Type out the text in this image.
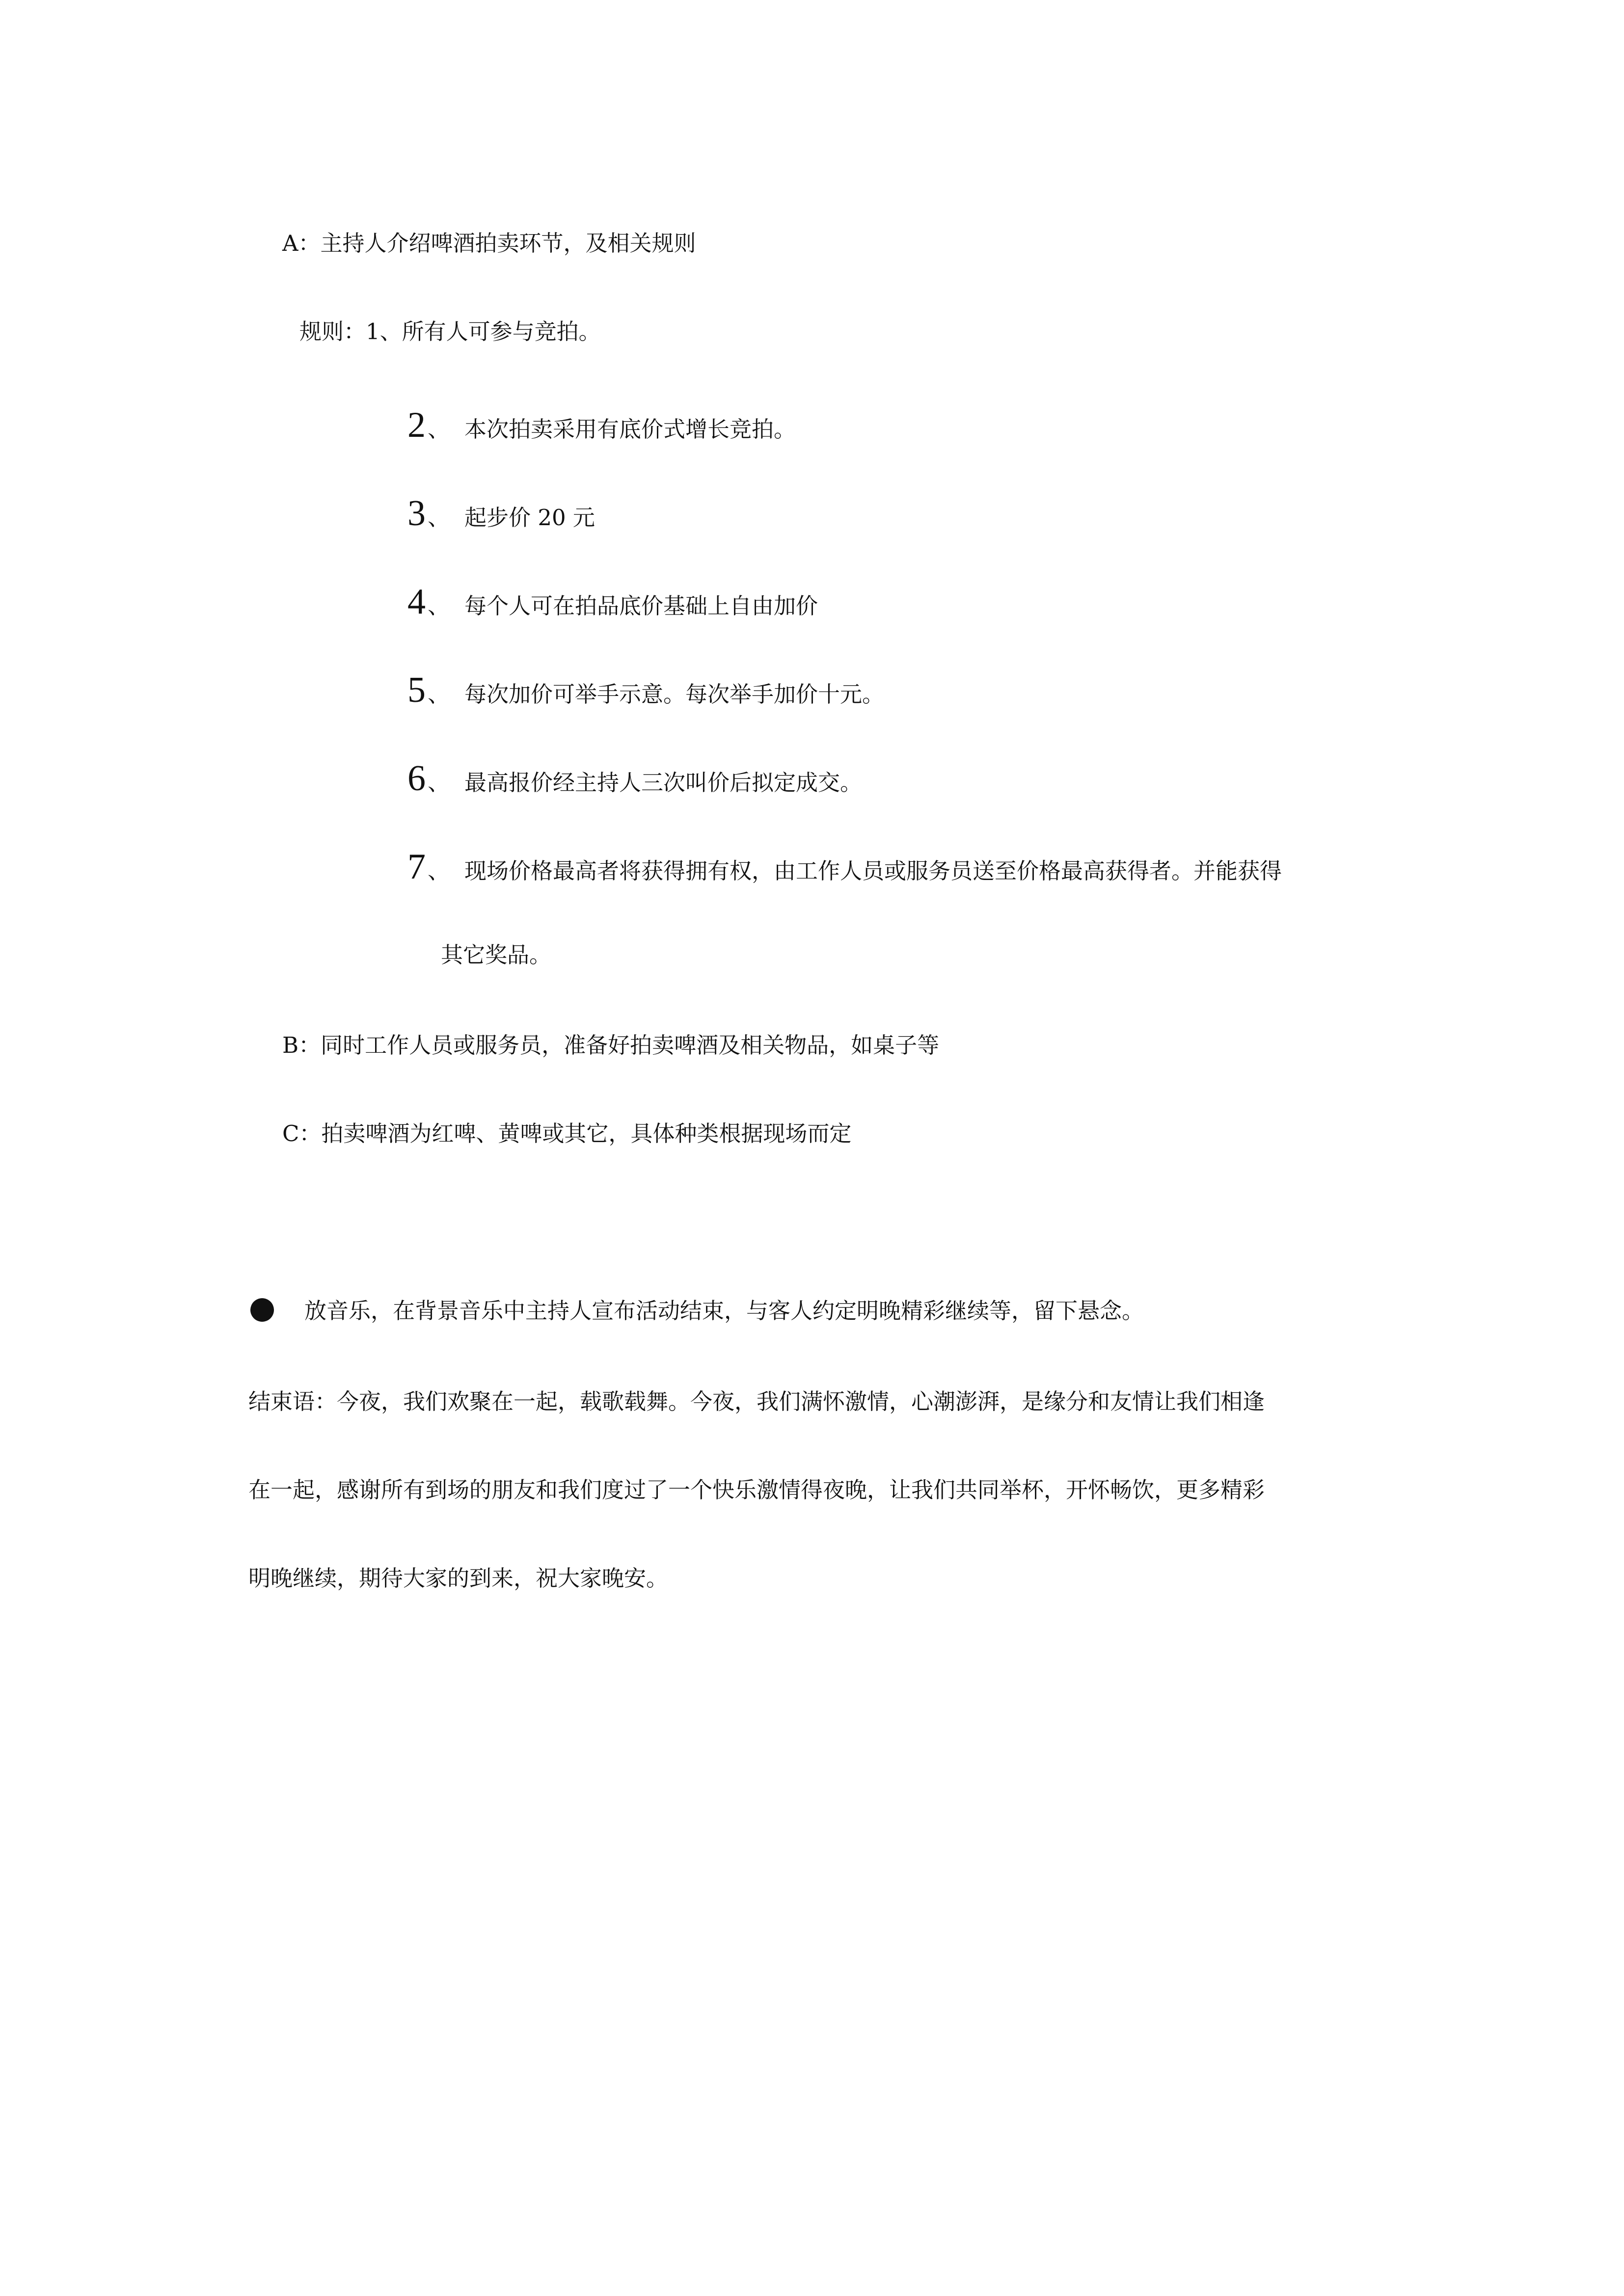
A：主持人介绍啤酒拍卖环节，及相关规则
规则：1、所有人可参与竞拍。
2 、 本次拍卖采用有底价式增长竞拍。
3 、 起步价 20 元
4 、 每个人可在拍品底价基础上自由加价
5 、 每次加价可举手示意。每次举手加价十元。
6 、 最高报价经主持人三次叫价后拟定成交。
7 、 现场价格最高者将获得拥有权，由工作人员或服务员送至价格最高获得者。并能获得
其它奖品。
B：同时工作人员或服务员，准备好拍卖啤酒及相关物品，如桌子等
C：拍卖啤酒为红啤、黄啤或其它，具体种类根据现场而定
放音乐，在背景音乐中主持人宣布活动结束，与客人约定明晚精彩继续等，留下悬念。
结束语：今夜，我们欢聚在一起，载歌载舞。今夜，我们满怀激情，心潮澎湃，是缘分和友情让我们相逢
在一起，感谢所有到场的朋友和我们度过了一个快乐激情得夜晚，让我们共同举杯，开怀畅饮，更多精彩
明晚继续，期待大家的到来，祝大家晚安。
